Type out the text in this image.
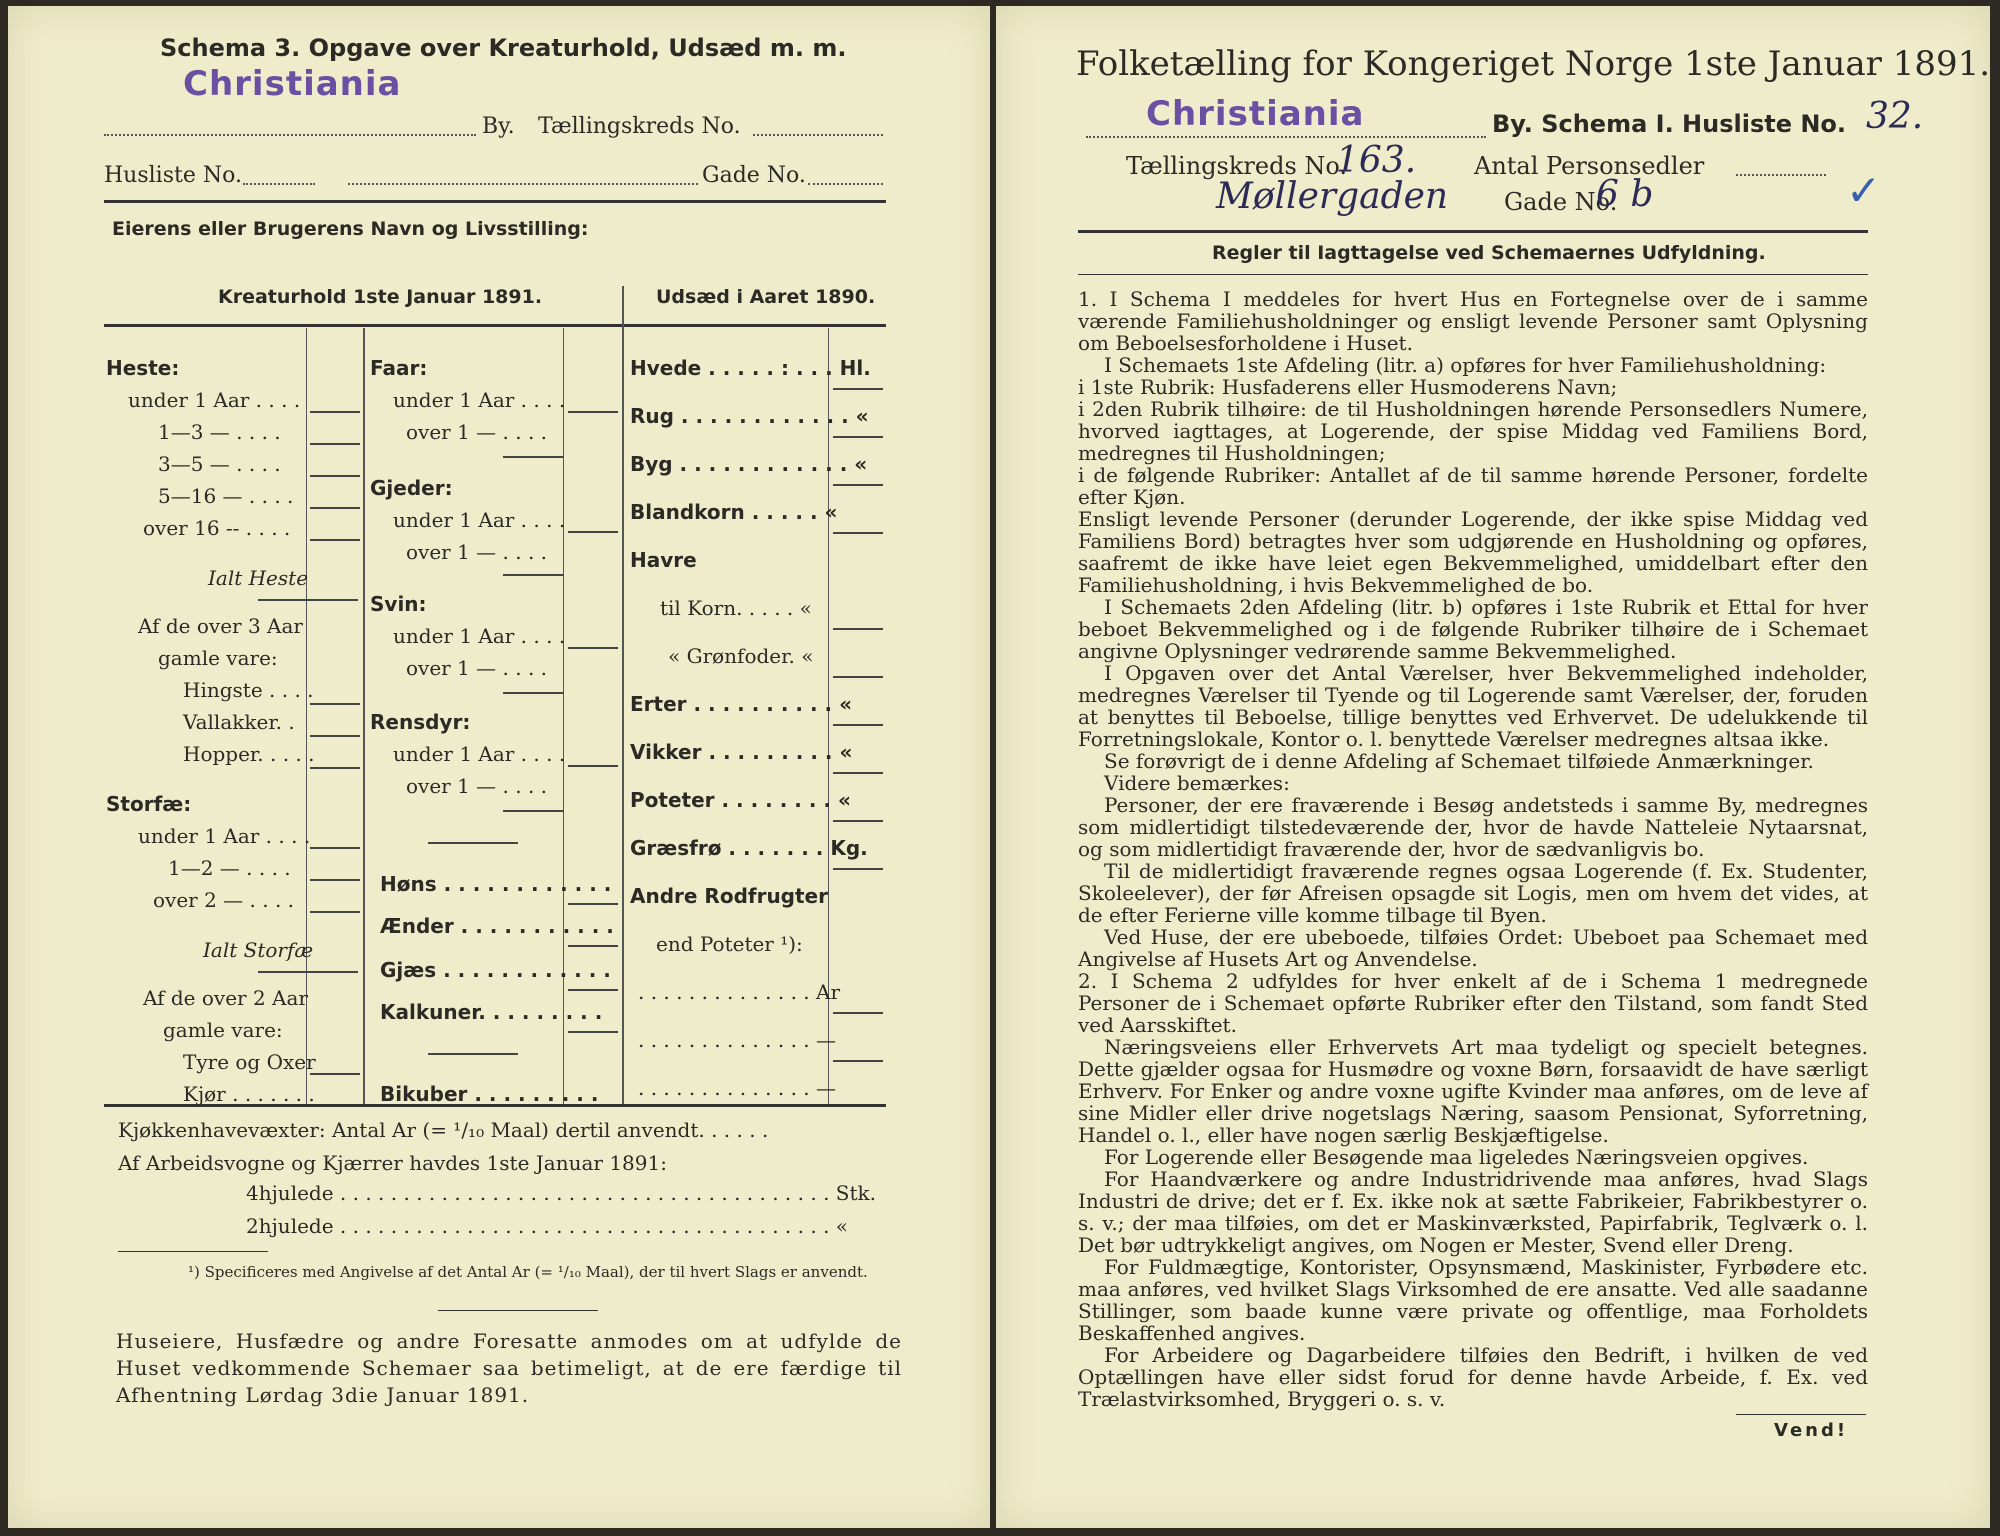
Schema 3. Opgave over Kreaturhold, Udsæd m. m.
Christiania
By. Tællingskreds No.
Husliste No.	Gade No.
Eierens eller Brugerens Navn og Livsstilling:
Kreaturhold 1ste Januar 1891.	Udsæd i Aaret 1890.
Heste:
under 1 Aar . . . .
1—3 — . . . .
3—5 — . . . .
5—16 — . . . .
over 16 -- . . . .
Ialt Heste
Af de over 3 Aar
gamle vare:
Hingste . . . .
Vallakker. .
Hopper. . . . .
Storfæ:
under 1 Aar . . . .
1—2 — . . . .
over 2 — . . . .
Ialt Storfæ
Af de over 2 Aar
gamle vare:
Tyre og Oxer
Kjør . . . . . . .
Faar:
under 1 Aar . . . .
over 1 — . . . .
Gjeder:
under 1 Aar . . . .
over 1 — . . . .
Svin:
under 1 Aar . . . .
over 1 — . . . .
Rensdyr:
under 1 Aar . . . .
over 1 — . . . .
Høns . . . . . . . . . . . .
Ænder . . . . . . . . . . .
Gjæs . . . . . . . . . . . .
Kalkuner. . . . . . . . .
Bikuber . . . . . . . . .
Hvede . . . . . : . . . Hl.
Rug . . . . . . . . . . . . «
Byg . . . . . . . . . . . . «
Blandkorn . . . . . «
Havre
til Korn. . . . . «
« Grønfoder. «
Erter . . . . . . . . . . «
Vikker . . . . . . . . . «
Poteter . . . . . . . . «
Græsfrø . . . . . . . Kg.
Andre Rodfrugter
end Poteter ¹):
. . . . . . . . . . . . . . Ar
. . . . . . . . . . . . . . —
. . . . . . . . . . . . . . —
Kjøkkenhavevæxter: Antal Ar (= ¹/₁₀ Maal) dertil anvendt. . . . . .
Af Arbeidsvogne og Kjærrer havdes 1ste Januar 1891:
4hjulede . . . . . . . . . . . . . . . . . . . . . . . . . . . . . . . . . . . . . . . Stk.
2hjulede . . . . . . . . . . . . . . . . . . . . . . . . . . . . . . . . . . . . . . . «
¹) Specificeres med Angivelse af det Antal Ar (= ¹/₁₀ Maal), der til hvert Slags er anvendt.
Huseiere, Husfædre og andre Foresatte anmodes om at udfylde de Huset vedkommende Schemaer saa betimeligt, at de ere færdige til Afhentning Lørdag 3die Januar 1891.
Folketælling for Kongeriget Norge 1ste Januar 1891.
Christiania	By. Schema I. Husliste No. 32.
Tællingskreds No.
163. Antal Personsedler
Møllergaden Gade No.
6 b	✓
Regler til Iagttagelse ved Schemaernes Udfyldning.
1. I Schema I meddeles for hvert Hus en Fortegnelse over de i samme værende Familiehusholdninger og ensligt levende Personer samt Oplysning om Beboelsesforholdene i Huset.
I Schemaets 1ste Afdeling (litr. a) opføres for hver Familiehusholdning:
i 1ste Rubrik: Husfaderens eller Husmoderens Navn;
i 2den Rubrik tilhøire: de til Husholdningen hørende Personsedlers Numere, hvorved iagttages, at Logerende, der spise Middag ved Familiens Bord, medregnes til Husholdningen;
i de følgende Rubriker: Antallet af de til samme hørende Personer, fordelte efter Kjøn.
Ensligt levende Personer (derunder Logerende, der ikke spise Middag ved Familiens Bord) betragtes hver som udgjørende en Husholdning og opføres, saafremt de ikke have leiet egen Bekvemmelighed, umiddelbart efter den Familiehusholdning, i hvis Bekvemmelighed de bo.
I Schemaets 2den Afdeling (litr. b) opføres i 1ste Rubrik et Ettal for hver beboet Bekvemmelighed og i de følgende Rubriker tilhøire de i Schemaet angivne Oplysninger vedrørende samme Bekvemmelighed.
I Opgaven over det Antal Værelser, hver Bekvemmelighed indeholder, medregnes Værelser til Tyende og til Logerende samt Værelser, der, foruden at benyttes til Beboelse, tillige benyttes ved Erhvervet. De udelukkende til Forretningslokale, Kontor o. l. benyttede Værelser medregnes altsaa ikke.
Se forøvrigt de i denne Afdeling af Schemaet tilføiede Anmærkninger.
Videre bemærkes:
Personer, der ere fraværende i Besøg andetsteds i samme By, medregnes som midlertidigt tilstedeværende der, hvor de havde Natteleie Nytaarsnat, og som midlertidigt fraværende der, hvor de sædvanligvis bo.
Til de midlertidigt fraværende regnes ogsaa Logerende (f. Ex. Studenter, Skoleelever), der før Afreisen opsagde sit Logis, men om hvem det vides, at de efter Ferierne ville komme tilbage til Byen.
Ved Huse, der ere ubeboede, tilføies Ordet: Ubeboet paa Schemaet med Angivelse af Husets Art og Anvendelse.
2. I Schema 2 udfyldes for hver enkelt af de i Schema 1 medregnede Personer de i Schemaet opførte Rubriker efter den Tilstand, som fandt Sted ved Aarsskiftet.
Næringsveiens eller Erhvervets Art maa tydeligt og specielt betegnes. Dette gjælder ogsaa for Husmødre og voxne Børn, forsaavidt de have særligt Erhverv. For Enker og andre voxne ugifte Kvinder maa anføres, om de leve af sine Midler eller drive nogetslags Næring, saasom Pensionat, Syforretning, Handel o. l., eller have nogen særlig Beskjæftigelse.
For Logerende eller Besøgende maa ligeledes Næringsveien opgives.
For Haandværkere og andre Industridrivende maa anføres, hvad Slags Industri de drive; det er f. Ex. ikke nok at sætte Fabrikeier, Fabrikbestyrer o. s. v.; der maa tilføies, om det er Maskinværksted, Papirfabrik, Teglværk o. l. Det bør udtrykkeligt angives, om Nogen er Mester, Svend eller Dreng.
For Fuldmægtige, Kontorister, Opsynsmænd, Maskinister, Fyrbødere etc. maa anføres, ved hvilket Slags Virksomhed de ere ansatte. Ved alle saadanne Stillinger, som baade kunne være private og offentlige, maa Forholdets Beskaffenhed angives.
For Arbeidere og Dagarbeidere tilføies den Bedrift, i hvilken de ved Optællingen have eller sidst forud for denne havde Arbeide, f. Ex. ved Trælastvirksomhed, Bryggeri o. s. v.
Vend!
